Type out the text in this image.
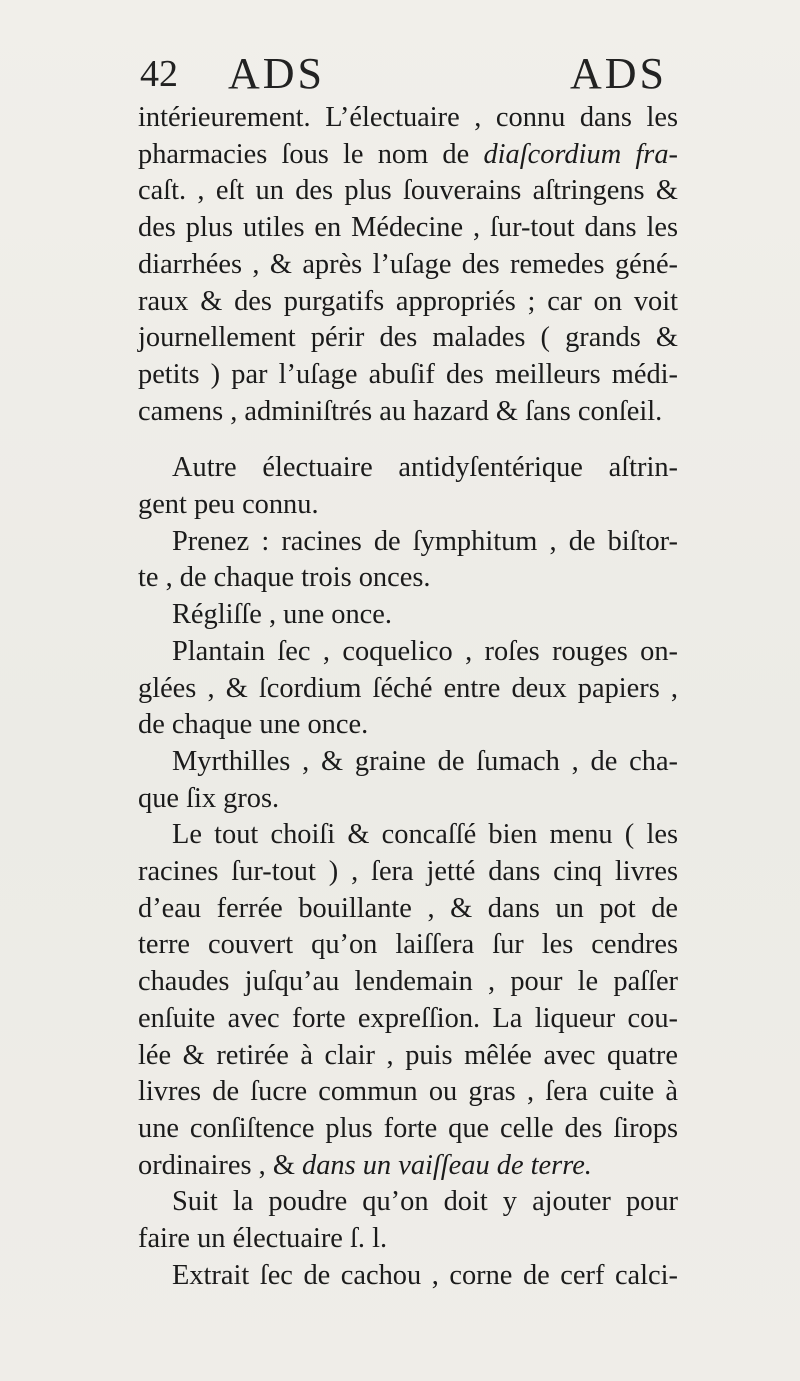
42 ADS	ADS
intérieurement. L’électuaire , connu dans les
pharmacies ſous le nom de diaſcordium fra-
caſt. , eſt un des plus ſouverains aſtringens &
des plus utiles en Médecine , ſur-tout dans les
diarrhées , & après l’uſage des remedes géné-
raux & des purgatifs appropriés ; car on voit
journellement périr des malades ( grands &
petits ) par l’uſage abuſif des meilleurs médi-
camens , adminiſtrés au hazard & ſans conſeil.
Autre électuaire antidyſentérique aſtrin-
gent peu connu.
Prenez : racines de ſymphitum , de biſtor-
te , de chaque trois onces.
Régliſſe , une once.
Plantain ſec , coquelico , roſes rouges on-
glées , & ſcordium ſéché entre deux papiers ,
de chaque une once.
Myrthilles , & graine de ſumach , de cha-
que ſix gros.
Le tout choiſi & concaſſé bien menu ( les
racines ſur-tout ) , ſera jetté dans cinq livres
d’eau ferrée bouillante , & dans un pot de
terre couvert qu’on laiſſera ſur les cendres
chaudes juſqu’au lendemain , pour le paſſer
enſuite avec forte expreſſion. La liqueur cou-
lée & retirée à clair , puis mêlée avec quatre
livres de ſucre commun ou gras , ſera cuite à
une conſiſtence plus forte que celle des ſirops
ordinaires , & dans un vaiſſeau de terre.
Suit la poudre qu’on doit y ajouter pour
faire un électuaire ſ. l.
Extrait ſec de cachou , corne de cerf calci-
